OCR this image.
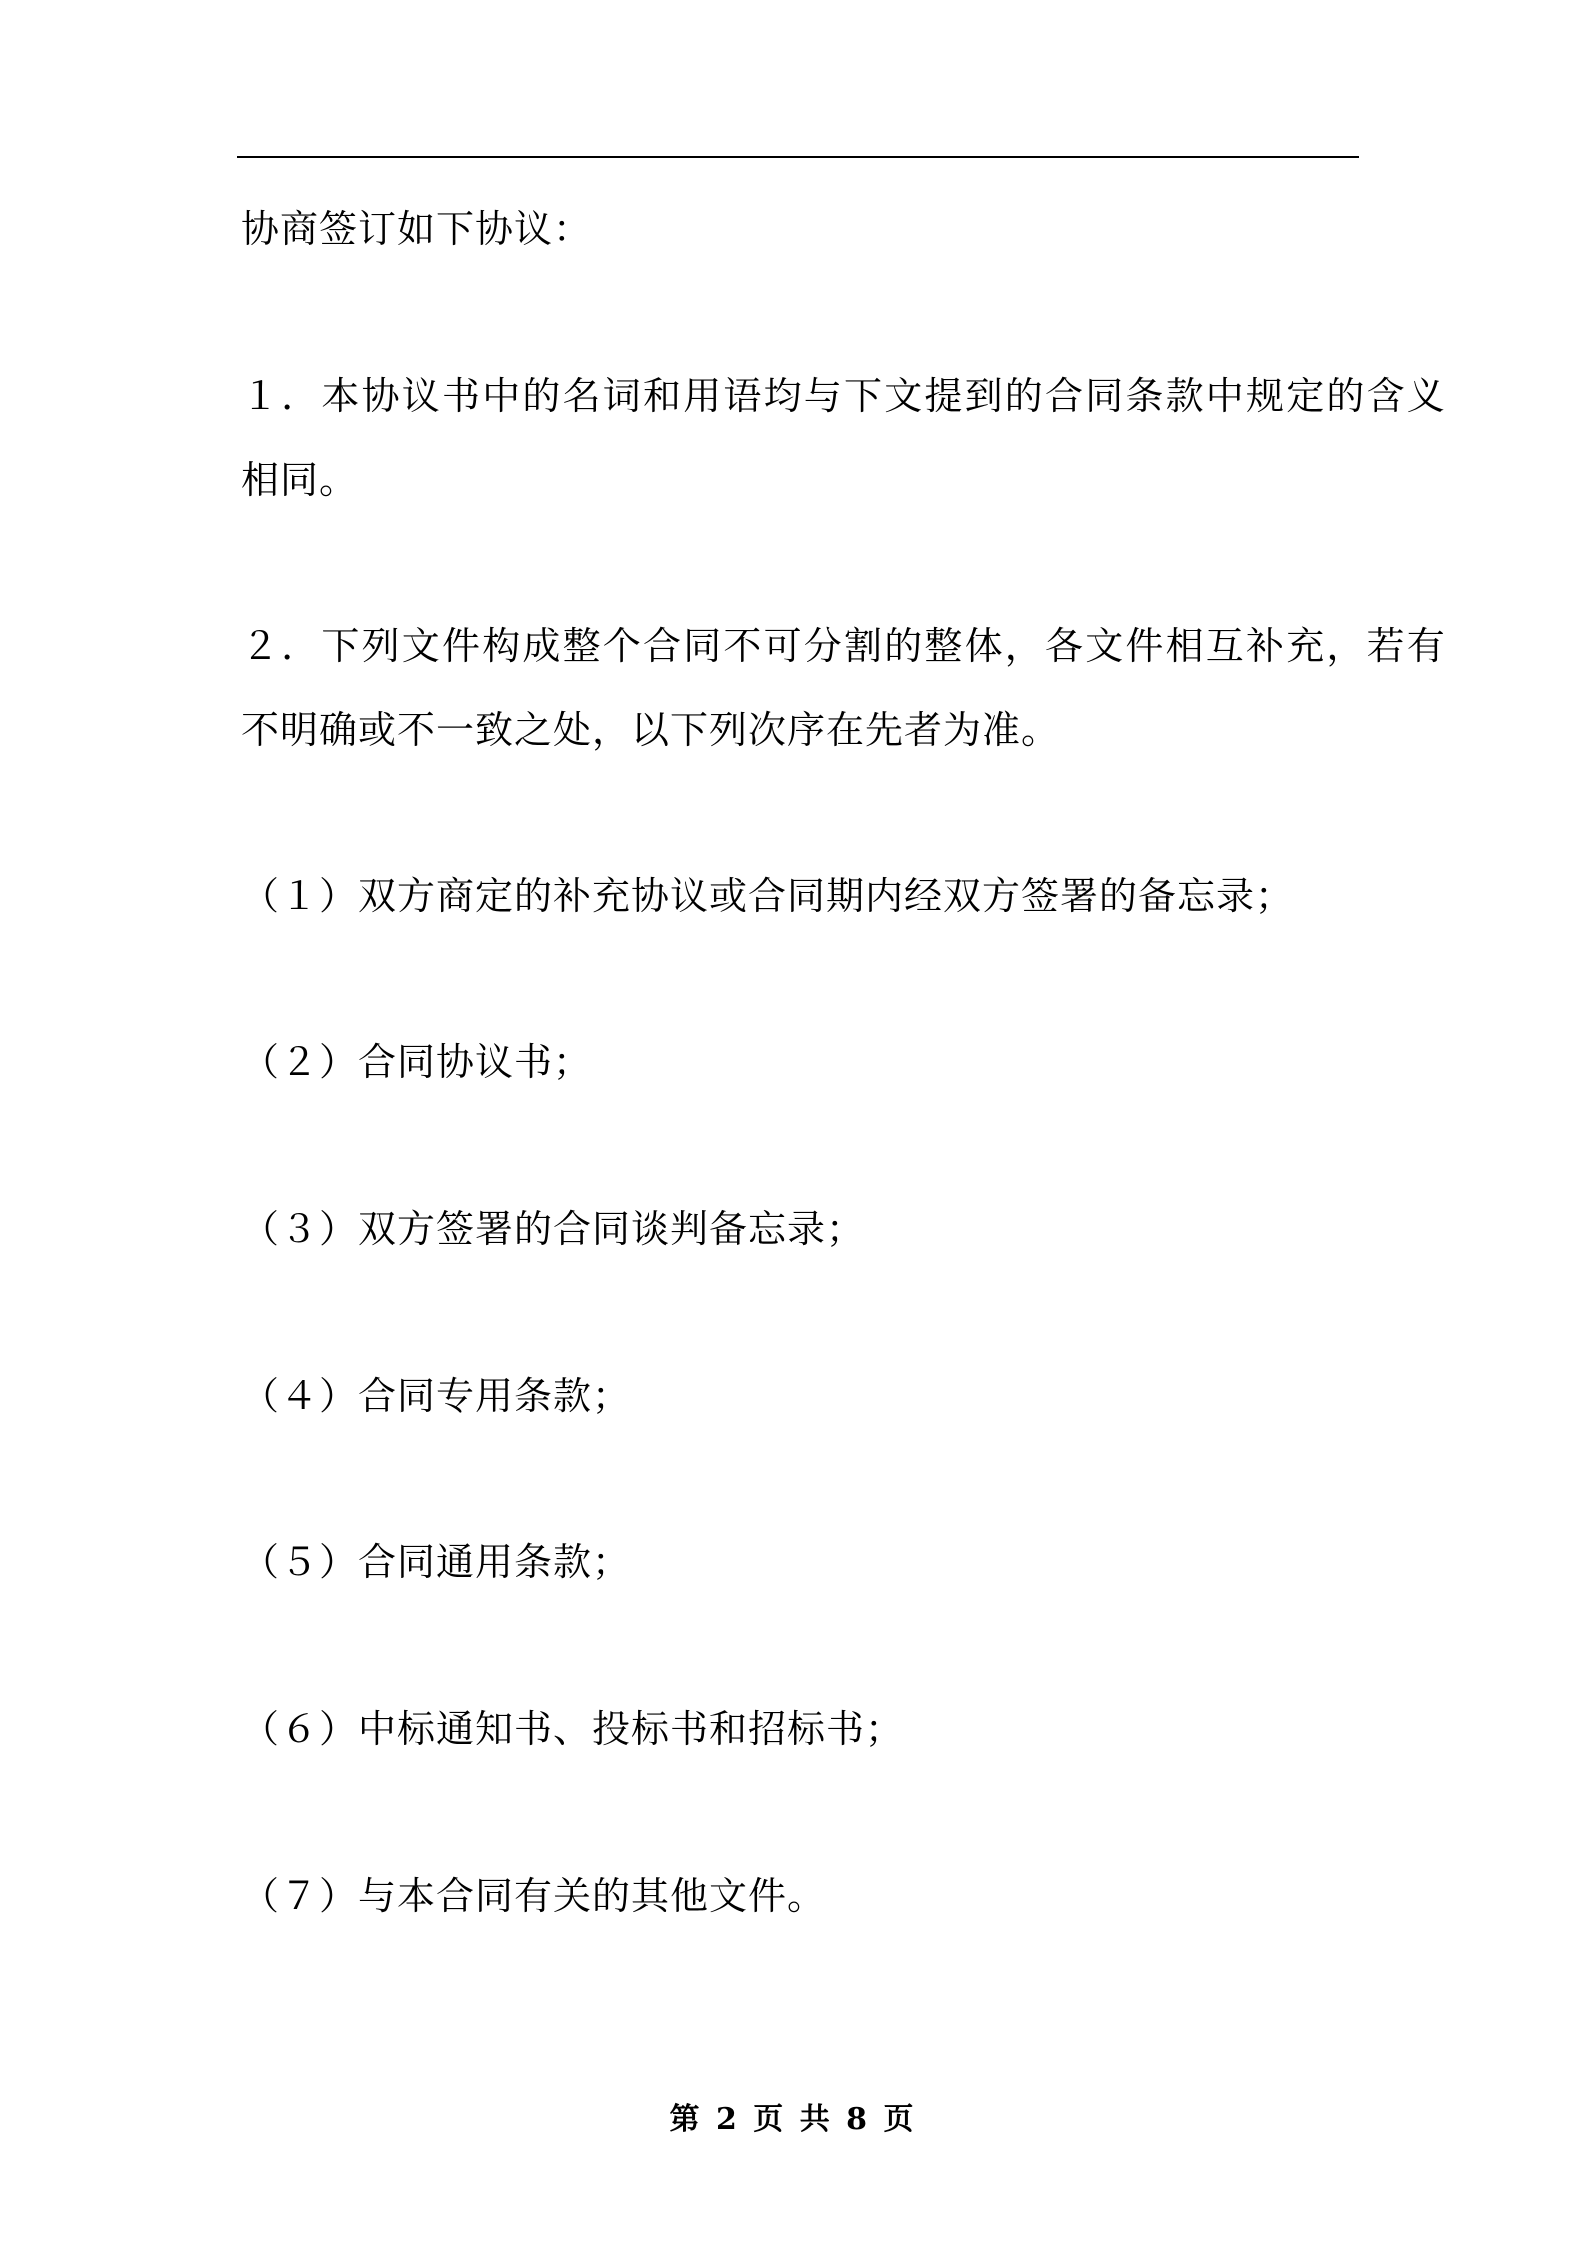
协商签订如下协议：
１．本协议书中的名词和用语均与下文提到的合同条款中规定的含义
相同。
２．下列文件构成整个合同不可分割的整体，各文件相互补充，若有
不明确或不一致之处，以下列次序在先者为准。
（１）双方商定的补充协议或合同期内经双方签署的备忘录；
（２）合同协议书；
（３）双方签署的合同谈判备忘录；
（４）合同专用条款；
（５）合同通用条款；
（６）中标通知书、投标书和招标书；
（７）与本合同有关的其他文件。
第 2 页 共 8 页
